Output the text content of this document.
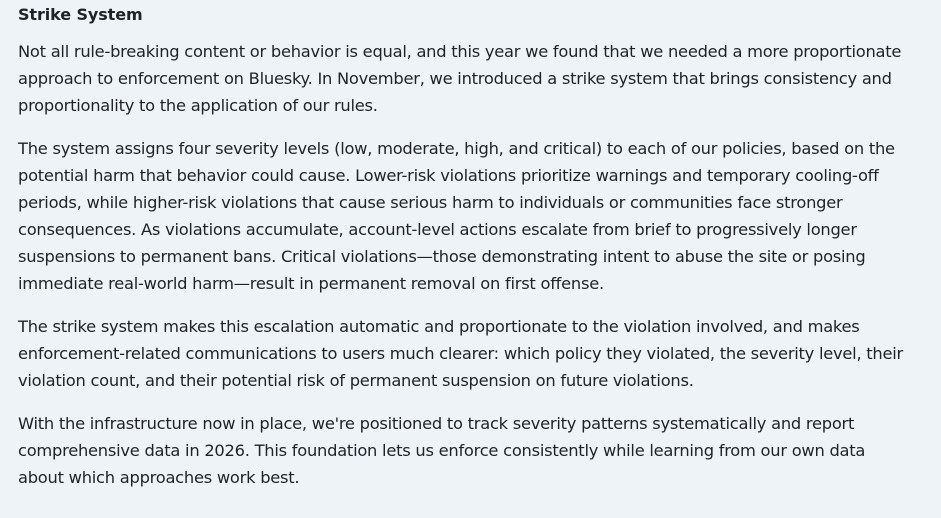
Strike System

Not all rule-breaking content or behavior is equal, and this year we found that we needed a more proportionate approach to enforcement on Bluesky. In November, we introduced a strike system that brings consistency and proportionality to the application of our rules.

The system assigns four severity levels (low, moderate, high, and critical) to each of our policies, based on the potential harm that behavior could cause. Lower-risk violations prioritize warnings and temporary cooling-off periods, while higher-risk violations that cause serious harm to individuals or communities face stronger consequences. As violations accumulate, account-level actions escalate from brief to progressively longer suspensions to permanent bans. Critical violations—those demonstrating intent to abuse the site or posing immediate real-world harm—result in permanent removal on first offense.

The strike system makes this escalation automatic and proportionate to the violation involved, and makes enforcement-related communications to users much clearer: which policy they violated, the severity level, their violation count, and their potential risk of permanent suspension on future violations.

With the infrastructure now in place, we're positioned to track severity patterns systematically and report comprehensive data in 2026. This foundation lets us enforce consistently while learning from our own data about which approaches work best.
